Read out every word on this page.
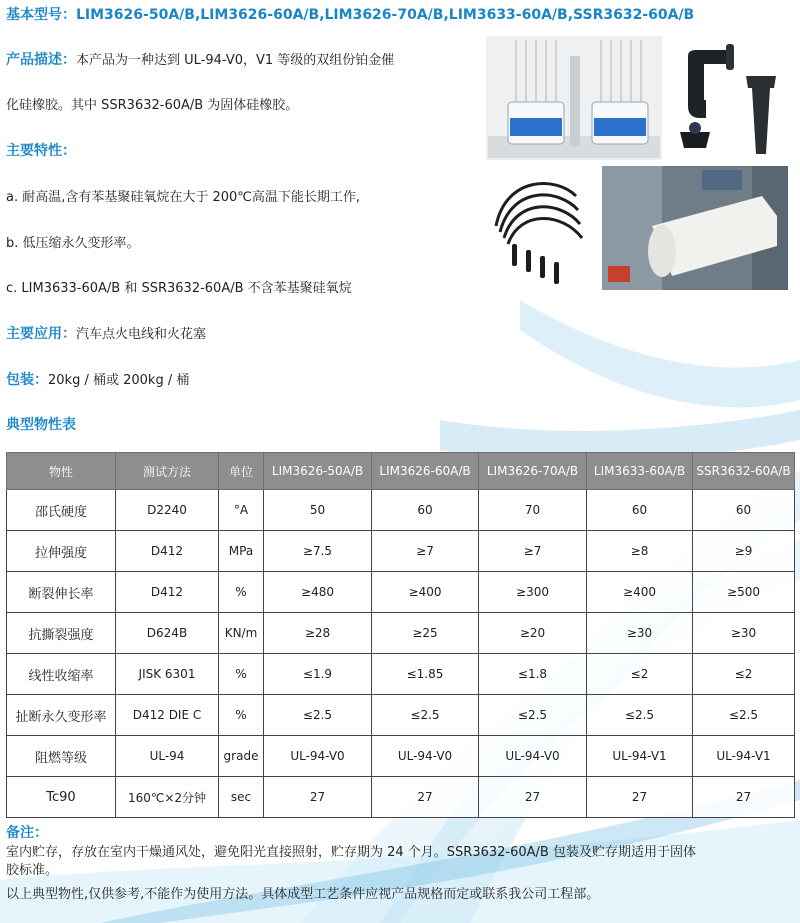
基本型号：LIM3626-50A/B,LIM3626-60A/B,LIM3626-70A/B,LIM3633-60A/B,SSR3632-60A/B
产品描述：本产品为一种达到 UL-94-V0，V1 等级的双组份铂金催
化硅橡胶。其中 SSR3632-60A/B 为固体硅橡胶。
主要特性：
a. 耐高温,含有苯基聚硅氧烷在大于 200℃高温下能长期工作,
b. 低压缩永久变形率。
c. LIM3633-60A/B 和 SSR3632-60A/B 不含苯基聚硅氧烷
主要应用：汽车点火电线和火花塞
包装：20kg / 桶或 200kg / 桶
典型物性表
物性	测试方法	单位	LIM3626-50A/B	LIM3626-60A/B	LIM3626-70A/B	LIM3633-60A/B	SSR3632-60A/B
邵氏硬度	D2240	°A	50	60	70	60	60
拉伸强度	D412	MPa	≥7.5	≥7	≥7	≥8	≥9
断裂伸长率	D412	%	≥480	≥400	≥300	≥400	≥500
抗撕裂强度	D624B	KN/m	≥28	≥25	≥20	≥30	≥30
线性收缩率	JISK 6301	%	≤1.9	≤1.85	≤1.8	≤2	≤2
扯断永久变形率	D412 DIE C	%	≤2.5	≤2.5	≤2.5	≤2.5	≤2.5
阻燃等级	UL-94	grade	UL-94-V0	UL-94-V0	UL-94-V0	UL-94-V1	UL-94-V1
Tc90	160℃×2分钟	sec	27	27	27	27	27
备注：
室内贮存，存放在室内干燥通风处，避免阳光直接照射，贮存期为 24 个月。SSR3632-60A/B 包装及贮存期适用于固体
胶标准。
以上典型物性,仅供参考,不能作为使用方法。具体成型工艺条件应视产品规格而定或联系我公司工程部。
